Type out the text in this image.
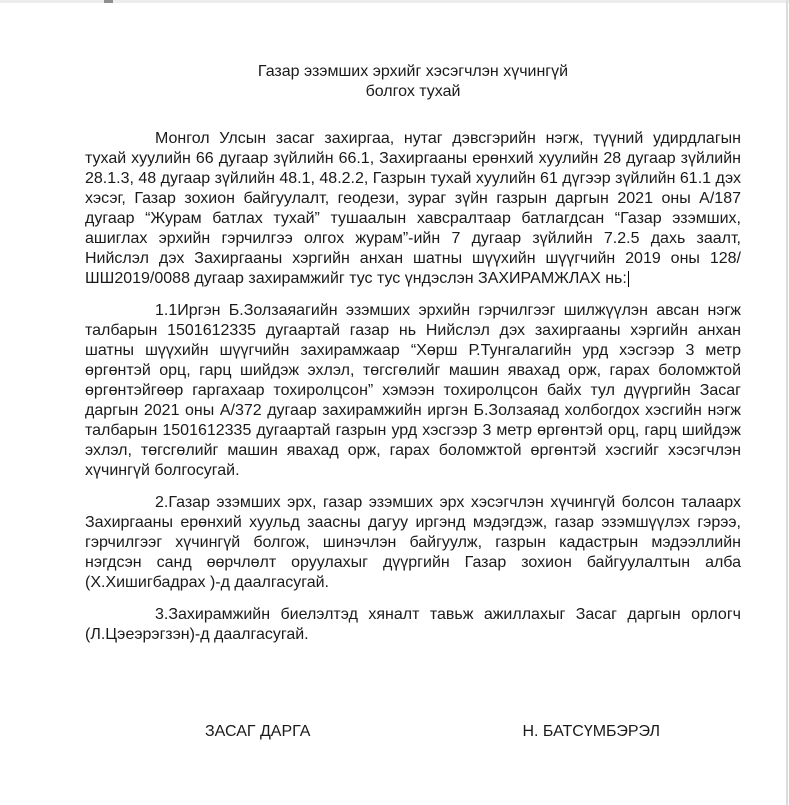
Газар эзэмших эрхийг хэсэгчлэн хүчингүй
болгох тухай

Монгол Улсын засаг захиргаа, нутаг дэвсгэрийн нэгж, түүний удирдлагын тухай хуулийн 66 дугаар зүйлийн 66.1, Захиргааны ерөнхий хуулийн 28 дугаар зүйлийн 28.1.3, 48 дугаар зүйлийн 48.1, 48.2.2, Газрын тухай хуулийн 61 дүгээр зүйлийн 61.1 дэх хэсэг, Газар зохион байгуулалт, геодези, зураг зүйн газрын даргын 2021 оны А/187 дугаар “Журам батлах тухай” тушаалын хавсралтаар батлагдсан “Газар эзэмших, ашиглах эрхийн гэрчилгээ олгох журам”-ийн 7 дугаар зүйлийн 7.2.5 дахь заалт, Нийслэл дэх Захиргааны хэргийн анхан шатны шүүхийн шүүгчийн 2019 оны 128/ШШ2019/0088 дугаар захирамжийг тус тус үндэслэн ЗАХИРАМЖЛАХ нь:

1.1Иргэн Б.Золзаяагийн эзэмших эрхийн гэрчилгээг шилжүүлэн авсан нэгж талбарын 1501612335 дугаартай газар нь Нийслэл дэх захиргааны хэргийн анхан шатны шүүхийн шүүгчийн захирамжаар “Хөрш Р.Тунгалагийн урд хэсгээр 3 метр өргөнтэй орц, гарц шийдэж эхлэл, төгсгөлийг машин явахад орж, гарах боломжтой өргөнтэйгөөр гаргахаар тохиролцсон” хэмээн тохиролцсон байх тул дүүргийн Засаг даргын 2021 оны А/372 дугаар захирамжийн иргэн Б.Золзаяад холбогдох хэсгийн нэгж талбарын 1501612335 дугаартай газрын урд хэсгээр 3 метр өргөнтэй орц, гарц шийдэж эхлэл, төгсгөлийг машин явахад орж, гарах боломжтой өргөнтэй хэсгийг хэсэгчлэн хүчингүй болгосугай.

2.Газар эзэмших эрх, газар эзэмших эрх хэсэгчлэн хүчингүй болсон талаарх Захиргааны ерөнхий хуульд заасны дагуу иргэнд мэдэгдэж, газар эзэмшүүлэх гэрээ, гэрчилгээг хүчингүй болгож, шинэчлэн байгуулж, газрын кадастрын мэдээллийн нэгдсэн санд өөрчлөлт оруулахыг дүүргийн Газар зохион байгуулалтын алба (Х.Хишигбадрах )-д даалгасугай.

3.Захирамжийн биелэлтэд хяналт тавьж ажиллахыг Засаг даргын орлогч (Л.Цэеэрэгзэн)-д даалгасугай.

ЗАСАГ ДАРГА	Н. БАТСҮМБЭРЭЛ
